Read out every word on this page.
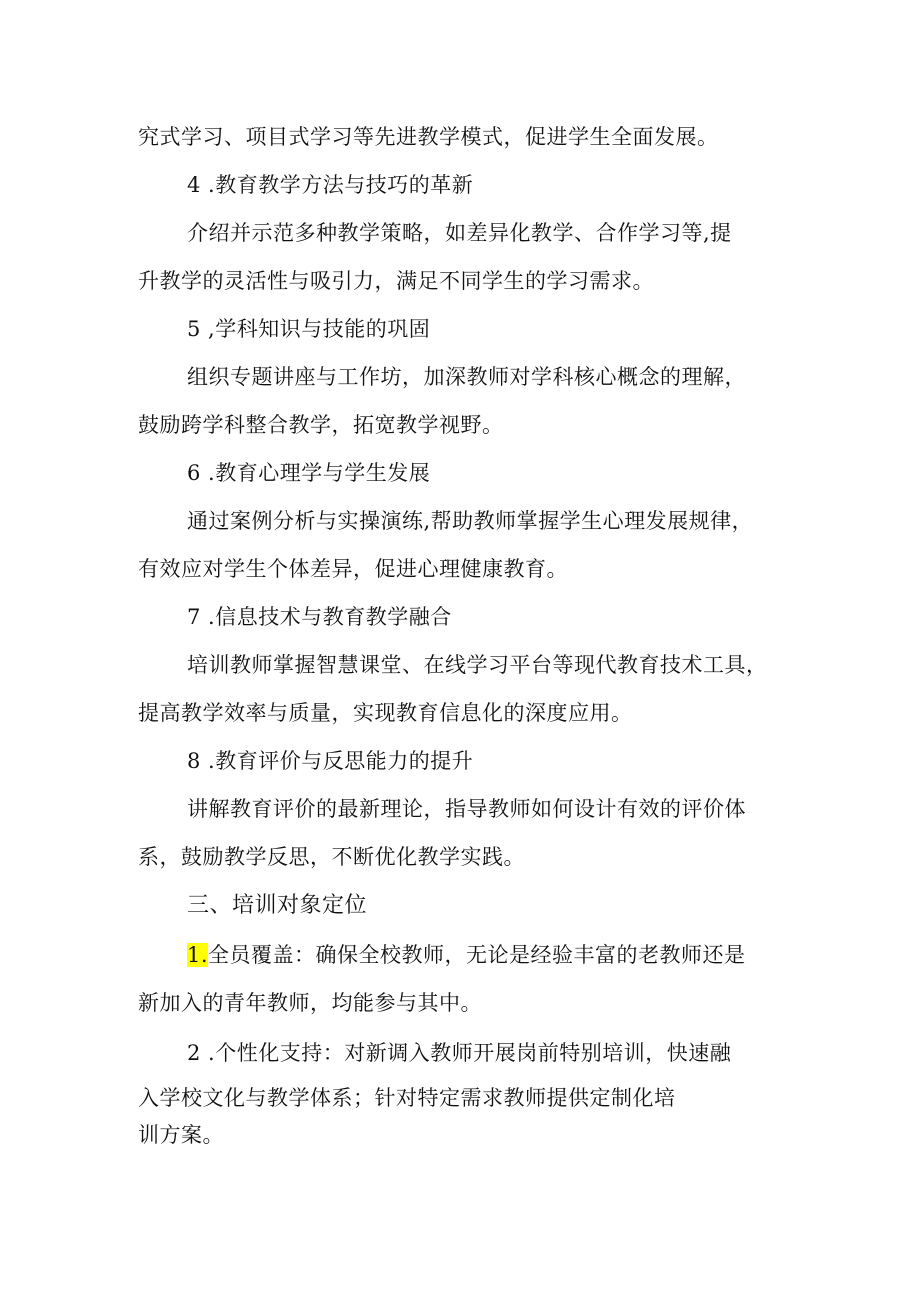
究式学习、项目式学习等先进教学模式，促进学生全面发展。
4 .教育教学方法与技巧的革新
介绍并示范多种教学策略，如差异化教学、合作学习等,提
升教学的灵活性与吸引力，满足不同学生的学习需求。
5 ,学科知识与技能的巩固
组织专题讲座与工作坊，加深教师对学科核心概念的理解，
鼓励跨学科整合教学，拓宽教学视野。
6 .教育心理学与学生发展
通过案例分析与实操演练,帮助教师掌握学生心理发展规律，
有效应对学生个体差异，促进心理健康教育。
7 .信息技术与教育教学融合
培训教师掌握智慧课堂、在线学习平台等现代教育技术工具，
提高教学效率与质量，实现教育信息化的深度应用。
8 .教育评价与反思能力的提升
讲解教育评价的最新理论，指导教师如何设计有效的评价体
系，鼓励教学反思，不断优化教学实践。
三、培训对象定位
1.全员覆盖：确保全校教师，无论是经验丰富的老教师还是
新加入的青年教师，均能参与其中。
2 .个性化支持：对新调入教师开展岗前特别培训，快速融
入学校文化与教学体系；针对特定需求教师提供定制化培
训方案。
